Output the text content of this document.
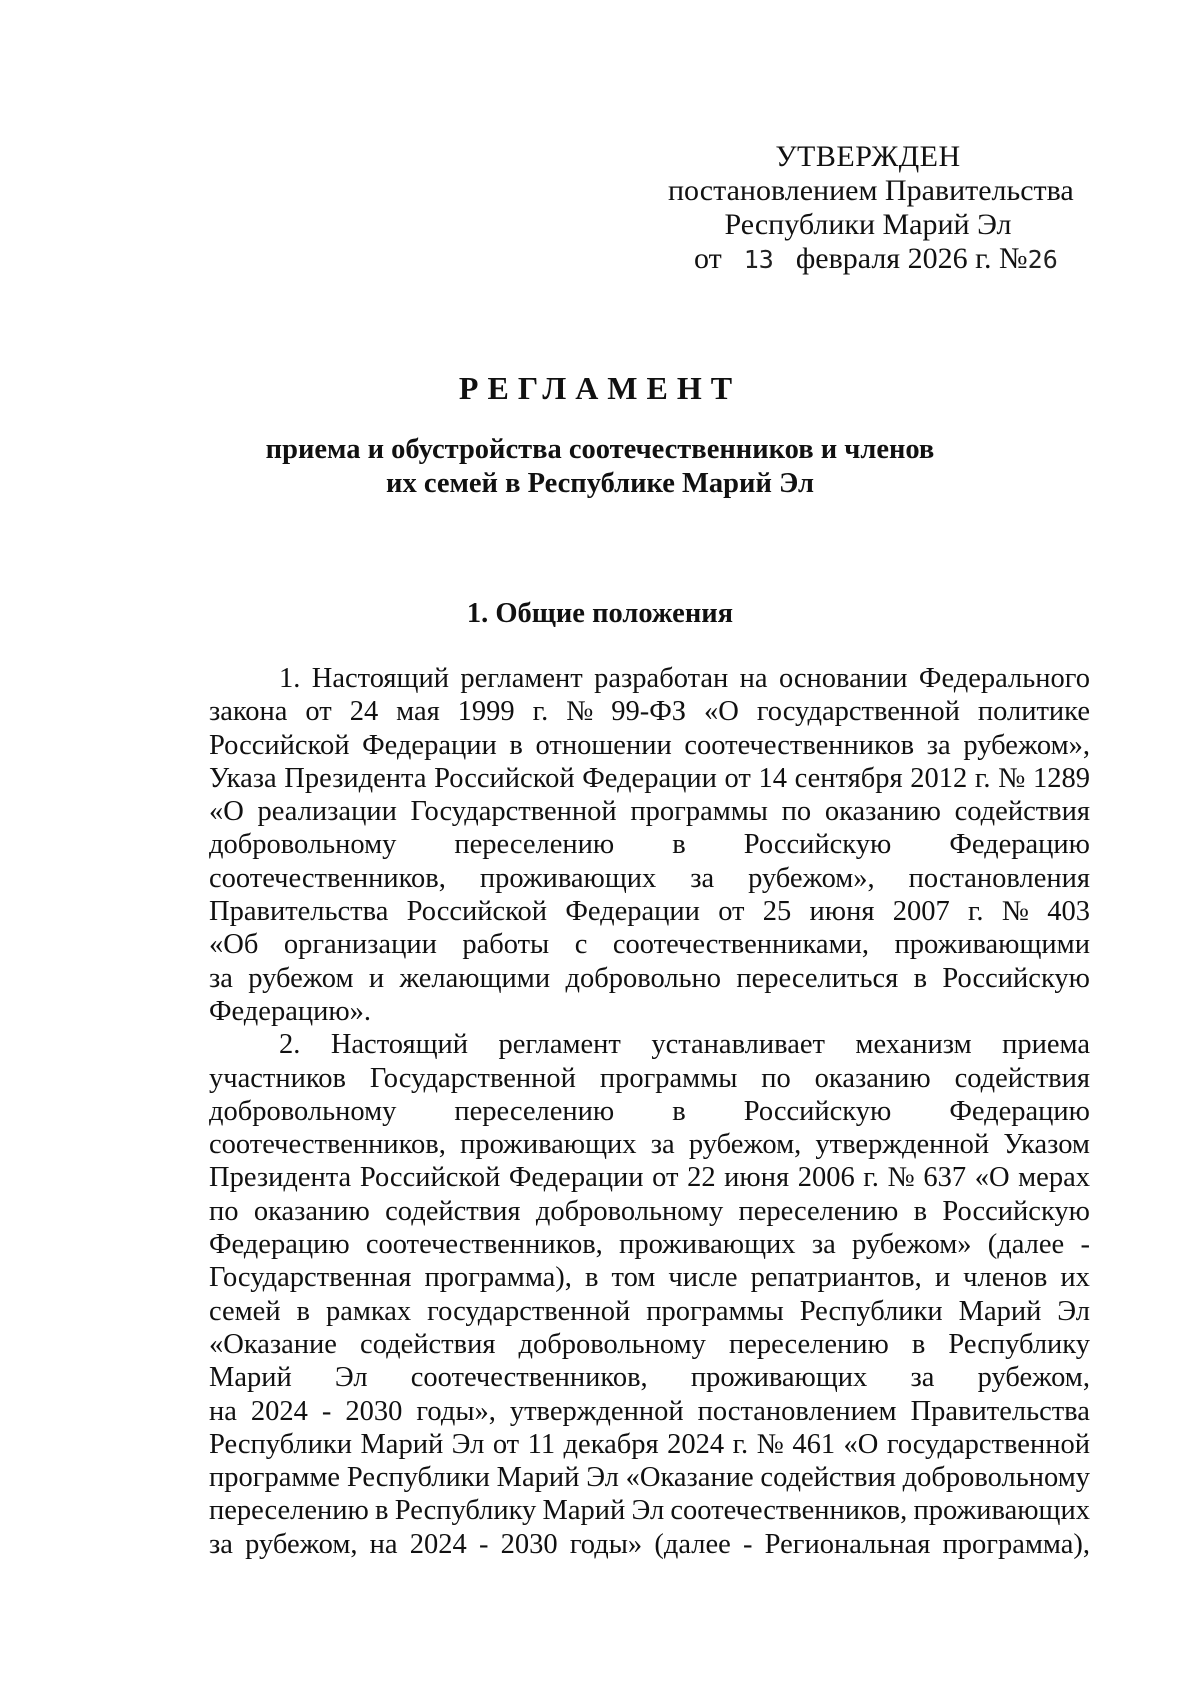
УТВЕРЖДЕН
постановлением Правительства
Республики Марий Эл
от 13 февраля 2026 г. №26
РЕГЛАМЕНТ
приема и обустройства соотечественников и членов
их семей в Республике Марий Эл
1. Общие положения
1. Настоящий регламент разработан на основании Федерального
закона от 24 мая 1999 г. № 99-ФЗ «О государственной политике
Российской Федерации в отношении соотечественников за рубежом»,
Указа Президента Российской Федерации от 14 сентября 2012 г. № 1289
«О реализации Государственной программы по оказанию содействия
добровольному переселению в Российскую Федерацию
соотечественников, проживающих за рубежом», постановления
Правительства Российской Федерации от 25 июня 2007 г. № 403
«Об организации работы с соотечественниками, проживающими
за рубежом и желающими добровольно переселиться в Российскую
Федерацию».
2. Настоящий регламент устанавливает механизм приема
участников Государственной программы по оказанию содействия
добровольному переселению в Российскую Федерацию
соотечественников, проживающих за рубежом, утвержденной Указом
Президента Российской Федерации от 22 июня 2006 г. № 637 «О мерах
по оказанию содействия добровольному переселению в Российскую
Федерацию соотечественников, проживающих за рубежом» (далее -
Государственная программа), в том числе репатриантов, и членов их
семей в рамках государственной программы Республики Марий Эл
«Оказание содействия добровольному переселению в Республику
Марий Эл соотечественников, проживающих за рубежом,
на 2024 - 2030 годы», утвержденной постановлением Правительства
Республики Марий Эл от 11 декабря 2024 г. № 461 «О государственной
программе Республики Марий Эл «Оказание содействия добровольному
переселению в Республику Марий Эл соотечественников, проживающих
за рубежом, на 2024 - 2030 годы» (далее - Региональная программа),
